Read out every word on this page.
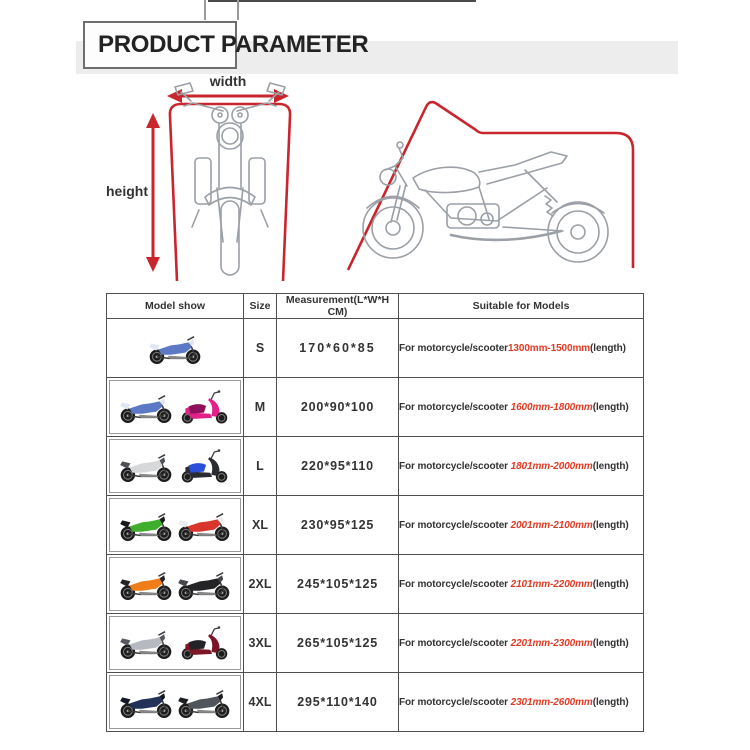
PRODUCT PARAMETER
width
height
Model show	Size	Measurement(L*W*H CM)	Suitable for Models

	S	170*60*85	For motorcycle/scooter1300mm-1500mm(length)

	M	200*90*100	For motorcycle/scooter 1600mm-1800mm(length)

	L	220*95*110	For motorcycle/scooter 1801mm-2000mm(length)

	XL	230*95*125	For motorcycle/scooter 2001mm-2100mm(length)

	2XL	245*105*125	For motorcycle/scooter 2101mm-2200mm(length)

	3XL	265*105*125	For motorcycle/scooter 2201mm-2300mm(length)

	4XL	295*110*140	For motorcycle/scooter 2301mm-2600mm(length)
